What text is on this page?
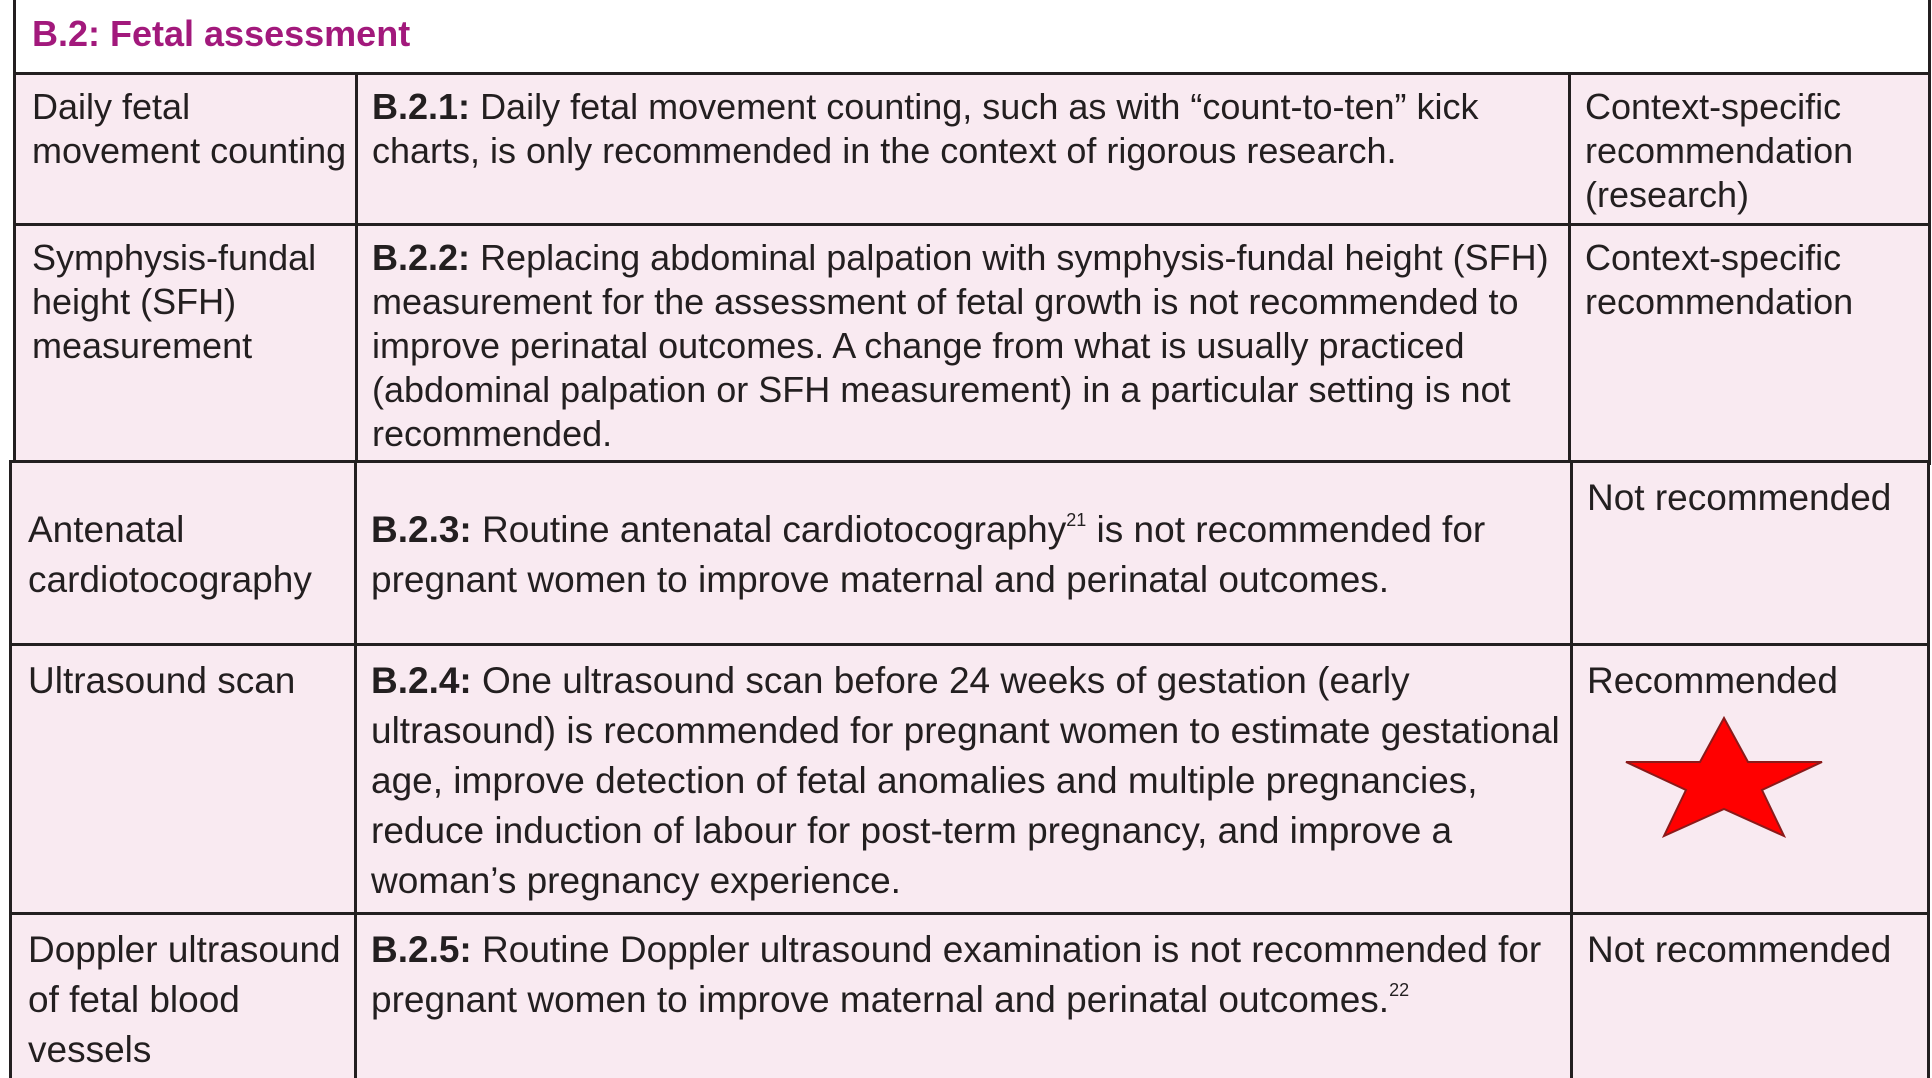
B.2: Fetal assessment		

Daily fetal movement counting	B.2.1: Daily fetal movement counting, such as with “count-to-ten” kick charts, is only recommended in the context of rigorous research.	Context-specific recommendation (research)
Symphysis-fundal height (SFH) measurement	B.2.2: Replacing abdominal palpation with symphysis-fundal height (SFH) measurement for the assessment of fetal growth is not recommended to improve perinatal outcomes. A change from what is usually practiced (abdominal palpation or SFH measurement) in a particular setting is not recommended.	Context-specific recommendation
Antenatal cardiotocography	B.2.3: Routine antenatal cardiotocography$^{21}$ is not recommended for pregnant women to improve maternal and perinatal outcomes.	Not recommended
Ultrasound scan	B.2.4: One ultrasound scan before 24 weeks of gestation (early ultrasound) is recommended for pregnant women to estimate gestational age, improve detection of fetal anomalies and multiple pregnancies, reduce induction of labour for post-term pregnancy, and improve a woman’s pregnancy experience.	Recommended
Doppler ultrasound of fetal blood vessels	B.2.5: Routine Doppler ultrasound examination is not recommended for pregnant women to improve maternal and perinatal outcomes.$^{22}$	Not recommended
